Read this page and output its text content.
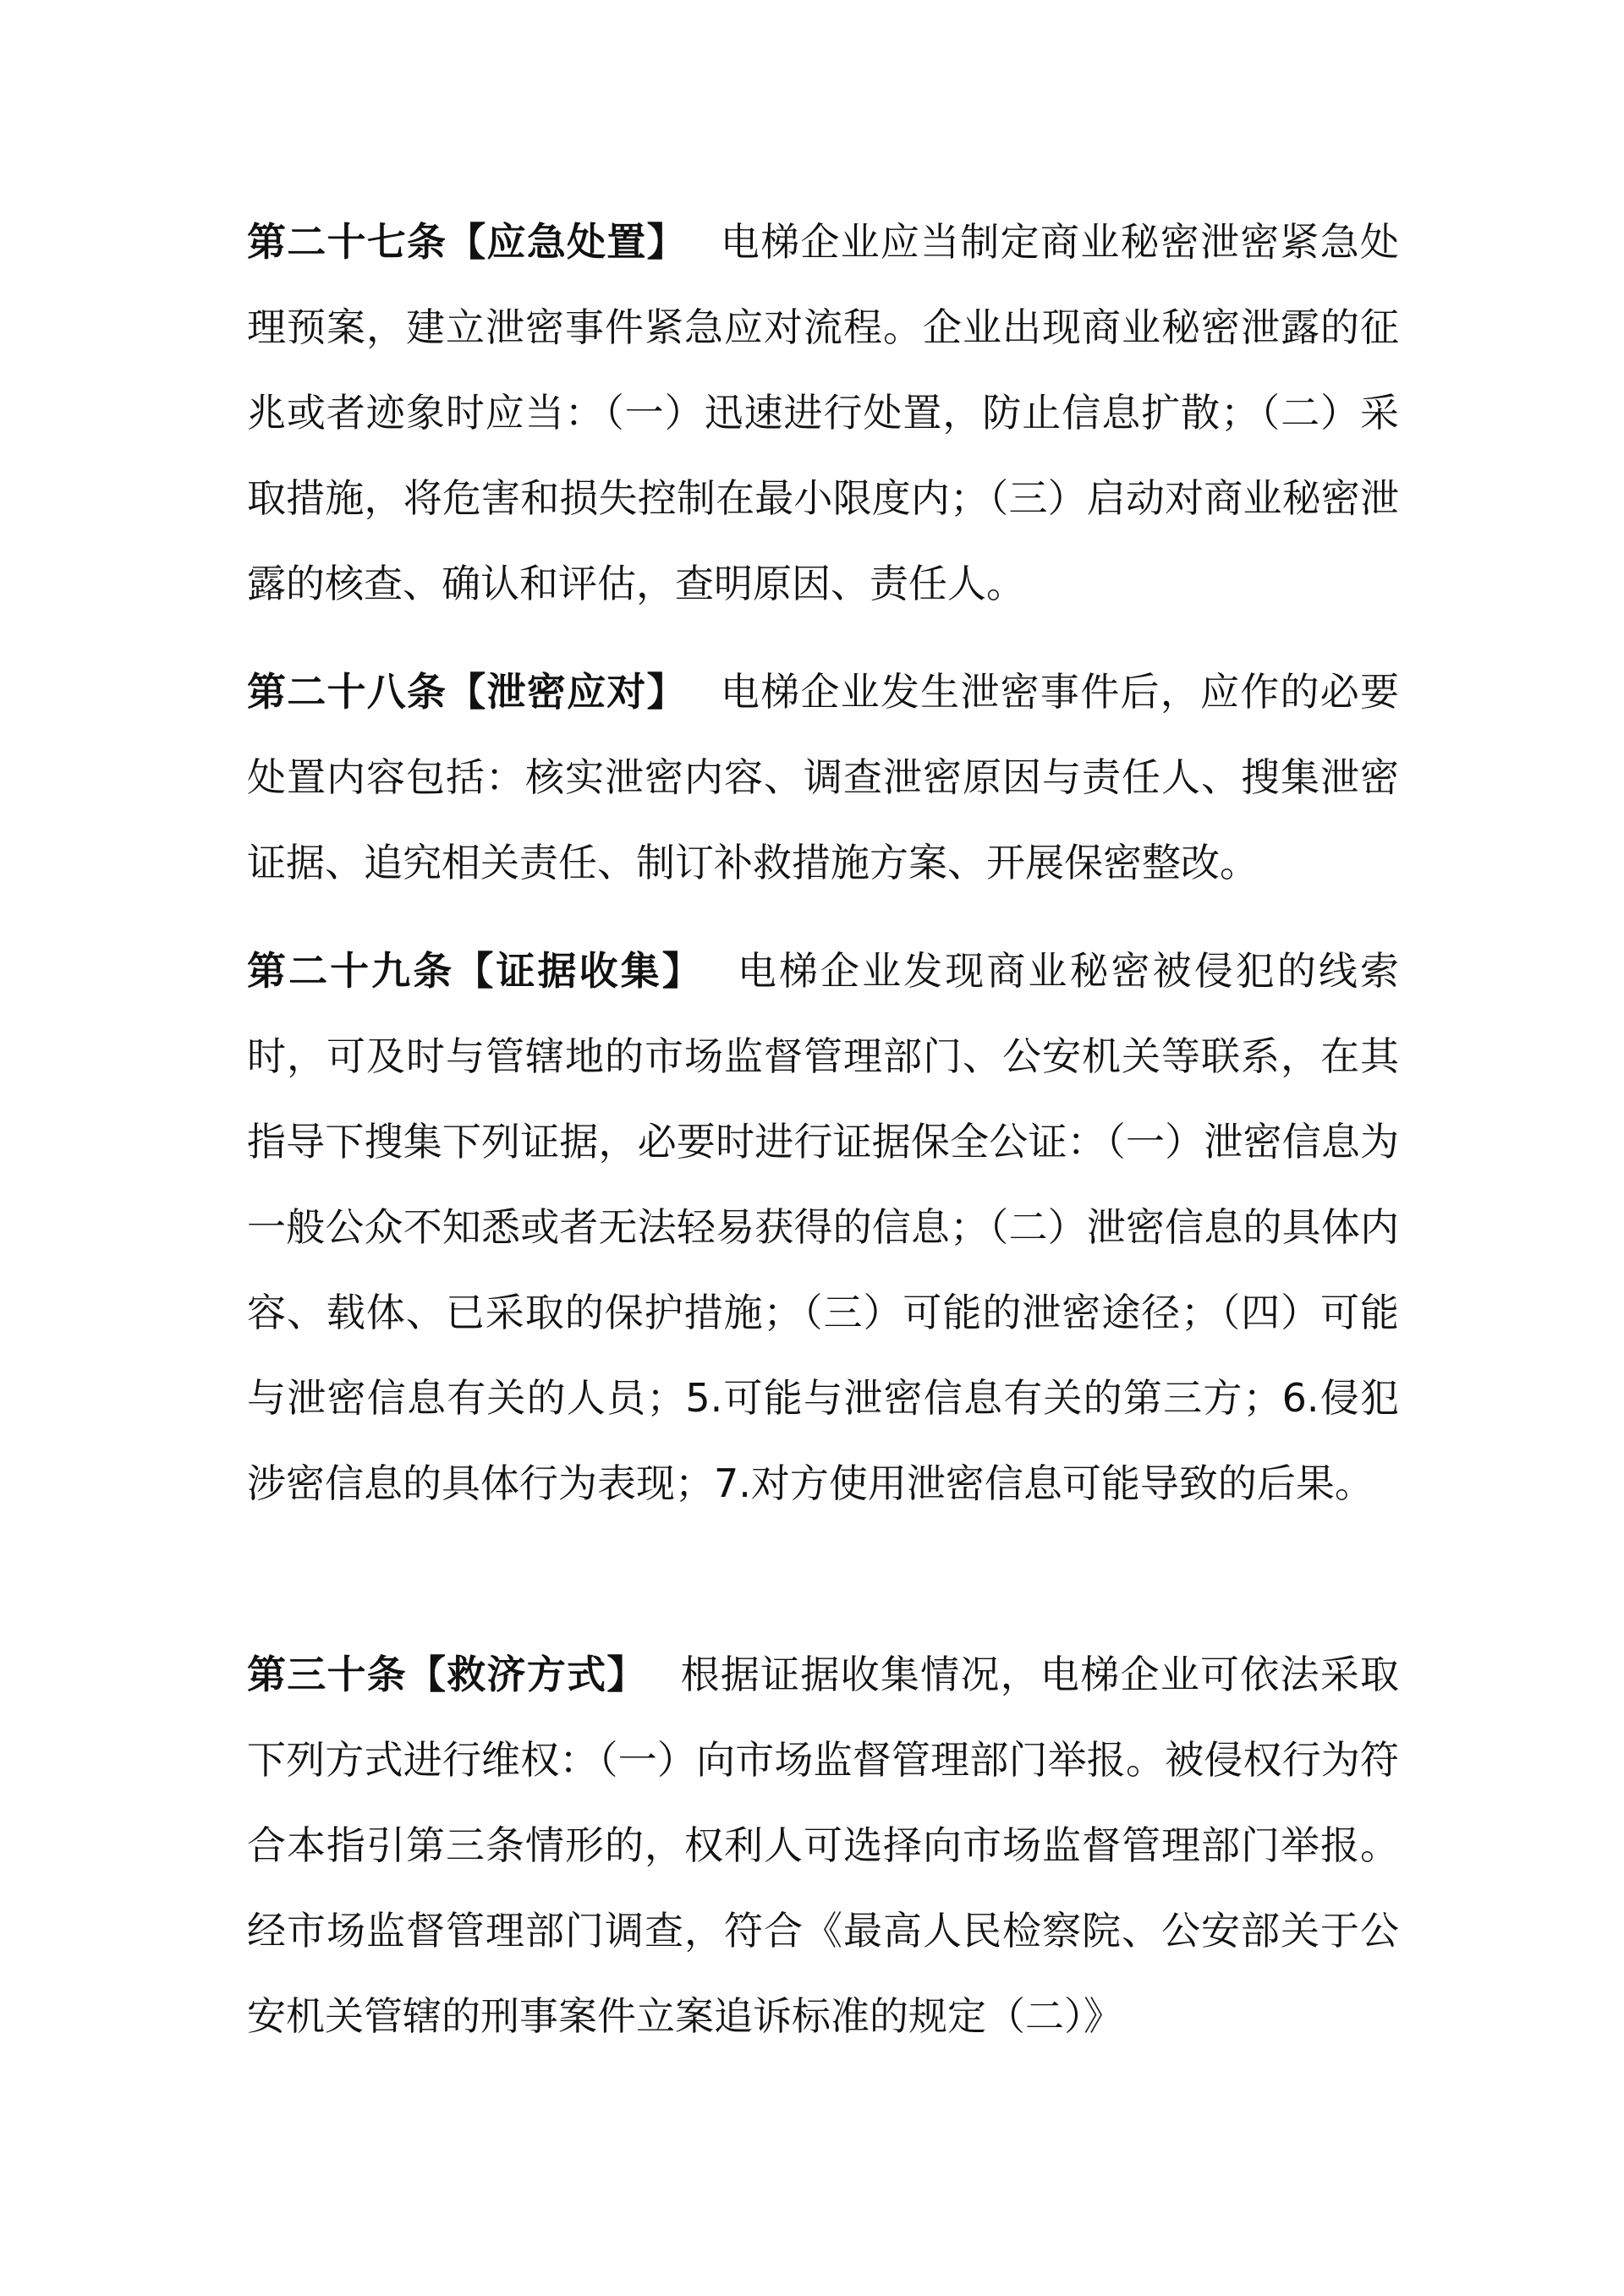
第二十七条【应急处置】 电梯企业应当制定商业秘密泄密紧急处理预案，建立泄密事件紧急应对流程。企业出现商业秘密泄露的征兆或者迹象时应当：（一）迅速进行处置，防止信息扩散；（二）采取措施，将危害和损失控制在最小限度内；（三）启动对商业秘密泄露的核查、确认和评估，查明原因、责任人。

第二十八条【泄密应对】 电梯企业发生泄密事件后，应作的必要处置内容包括：核实泄密内容、调查泄密原因与责任人、搜集泄密证据、追究相关责任、制订补救措施方案、开展保密整改。

第二十九条【证据收集】 电梯企业发现商业秘密被侵犯的线索时，可及时与管辖地的市场监督管理部门、公安机关等联系，在其指导下搜集下列证据，必要时进行证据保全公证：（一）泄密信息为一般公众不知悉或者无法轻易获得的信息；（二）泄密信息的具体内容、载体、已采取的保护措施；（三）可能的泄密途径；（四）可能与泄密信息有关的人员；5.可能与泄密信息有关的第三方；6.侵犯涉密信息的具体行为表现；7.对方使用泄密信息可能导致的后果。

第三十条【救济方式】 根据证据收集情况，电梯企业可依法采取下列方式进行维权：（一）向市场监督管理部门举报。被侵权行为符合本指引第三条情形的，权利人可选择向市场监督管理部门举报。经市场监督管理部门调查，符合《最高人民检察院、公安部关于公安机关管辖的刑事案件立案追诉标准的规定（二）》
